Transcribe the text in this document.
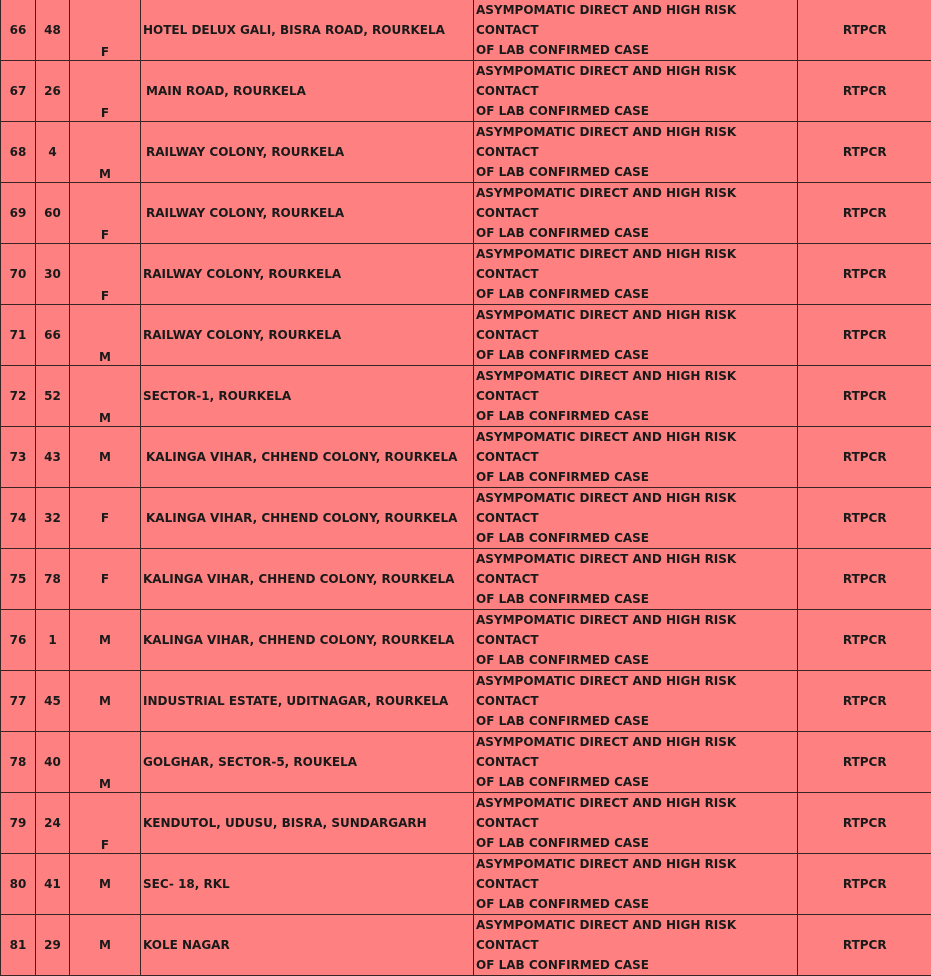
66	48	F	HOTEL DELUX GALI, BISRA ROAD, ROURKELA	ASYMPOMATIC DIRECT AND HIGH RISK CONTACT
OF LAB CONFIRMED CASE	RTPCR
67	26	F	MAIN ROAD, ROURKELA	ASYMPOMATIC DIRECT AND HIGH RISK CONTACT
OF LAB CONFIRMED CASE	RTPCR
68	4	M	RAILWAY COLONY, ROURKELA	ASYMPOMATIC DIRECT AND HIGH RISK CONTACT
OF LAB CONFIRMED CASE	RTPCR
69	60	F	RAILWAY COLONY, ROURKELA	ASYMPOMATIC DIRECT AND HIGH RISK CONTACT
OF LAB CONFIRMED CASE	RTPCR
70	30	F	RAILWAY COLONY, ROURKELA	ASYMPOMATIC DIRECT AND HIGH RISK CONTACT
OF LAB CONFIRMED CASE	RTPCR
71	66	M	RAILWAY COLONY, ROURKELA	ASYMPOMATIC DIRECT AND HIGH RISK CONTACT
OF LAB CONFIRMED CASE	RTPCR
72	52	M	SECTOR-1, ROURKELA	ASYMPOMATIC DIRECT AND HIGH RISK CONTACT
OF LAB CONFIRMED CASE	RTPCR
73	43	M	KALINGA VIHAR, CHHEND COLONY, ROURKELA	ASYMPOMATIC DIRECT AND HIGH RISK CONTACT
OF LAB CONFIRMED CASE	RTPCR
74	32	F	KALINGA VIHAR, CHHEND COLONY, ROURKELA	ASYMPOMATIC DIRECT AND HIGH RISK CONTACT
OF LAB CONFIRMED CASE	RTPCR
75	78	F	KALINGA VIHAR, CHHEND COLONY, ROURKELA	ASYMPOMATIC DIRECT AND HIGH RISK CONTACT
OF LAB CONFIRMED CASE	RTPCR
76	1	M	KALINGA VIHAR, CHHEND COLONY, ROURKELA	ASYMPOMATIC DIRECT AND HIGH RISK CONTACT
OF LAB CONFIRMED CASE	RTPCR
77	45	M	INDUSTRIAL ESTATE, UDITNAGAR, ROURKELA	ASYMPOMATIC DIRECT AND HIGH RISK CONTACT
OF LAB CONFIRMED CASE	RTPCR
78	40	M	GOLGHAR, SECTOR-5, ROUKELA	ASYMPOMATIC DIRECT AND HIGH RISK CONTACT
OF LAB CONFIRMED CASE	RTPCR
79	24	F	KENDUTOL, UDUSU, BISRA, SUNDARGARH	ASYMPOMATIC DIRECT AND HIGH RISK CONTACT
OF LAB CONFIRMED CASE	RTPCR
80	41	M	SEC- 18, RKL	ASYMPOMATIC DIRECT AND HIGH RISK CONTACT
OF LAB CONFIRMED CASE	RTPCR
81	29	M	KOLE NAGAR	ASYMPOMATIC DIRECT AND HIGH RISK CONTACT
OF LAB CONFIRMED CASE	RTPCR
